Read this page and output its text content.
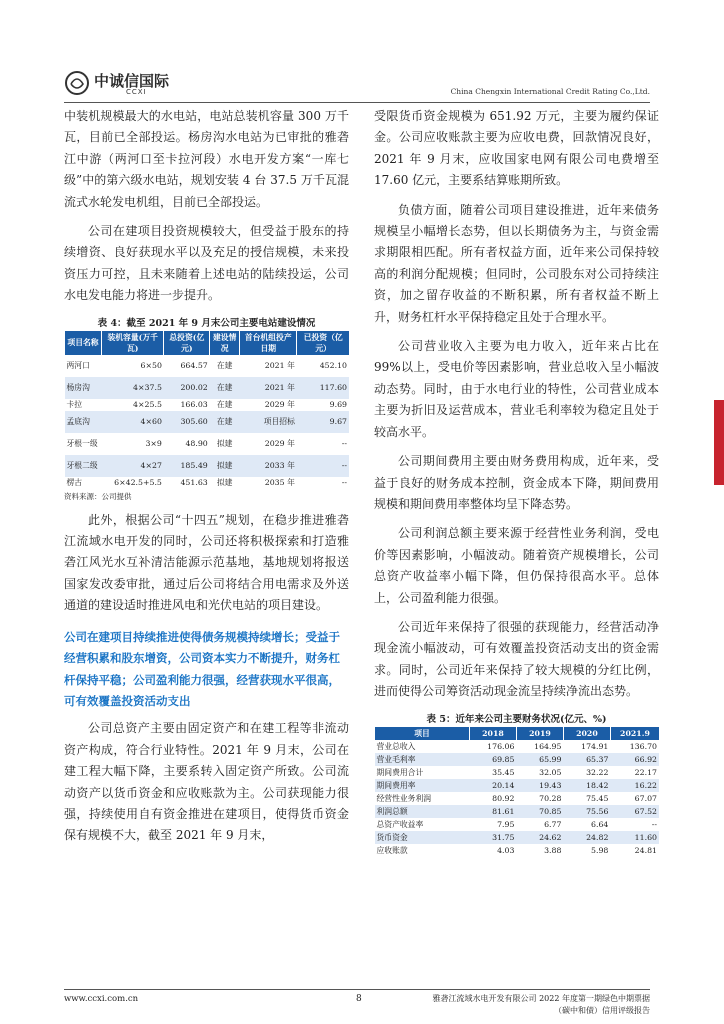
中诚信国际
CCXI	China Chengxin International Credit Rating Co.,Ltd.

中装机规模最大的水电站，电站总装机容量 300 万千瓦，目前已全部投运。杨房沟水电站为已审批的雅砻江中游（两河口至卡拉河段）水电开发方案“一库七级”中的第六级水电站，规划安装 4 台 37.5 万千瓦混流式水轮发电机组，目前已全部投运。

公司在建项目投资规模较大，但受益于股东的持续增资、良好获现水平以及充足的授信规模，未来投资压力可控，且未来随着上述电站的陆续投运，公司水电发电能力将进一步提升。

表 4：截至 2021 年 9 月末公司主要电站建设情况
项目名称	装机容量(万千瓦)	总投资(亿元)	建设情况	首台机组投产日期	已投资（亿元）
两河口	6×50	664.57	在建	2021 年	452.10
杨房沟	4×37.5	200.02	在建	2021 年	117.60
卡拉	4×25.5	166.03	在建	2029 年	9.69
孟底沟	4×60	305.60	在建	项目招标	9.67
牙根一级	3×9	48.90	拟建	2029 年	--
牙根二级	4×27	185.49	拟建	2033 年	--
楞古	6×42.5+5.5	451.63	拟建	2035 年	--
资料来源：公司提供

此外，根据公司“十四五”规划，在稳步推进雅砻江流域水电开发的同时，公司还将积极探索和打造雅砻江风光水互补清洁能源示范基地，基地规划将报送国家发改委审批，通过后公司将结合用电需求及外送通道的建设适时推进风电和光伏电站的项目建设。

公司在建项目持续推进使得债务规模持续增长；受益于经营积累和股东增资，公司资本实力不断提升，财务杠杆保持平稳；公司盈利能力很强，经营获现水平很高，可有效覆盖投资活动支出

公司总资产主要由固定资产和在建工程等非流动资产构成，符合行业特性。2021 年 9 月末，公司在建工程大幅下降，主要系转入固定资产所致。公司流动资产以货币资金和应收账款为主。公司获现能力很强，持续使用自有资金推进在建项目，使得货币资金保有规模不大，截至 2021 年 9 月末，

受限货币资金规模为 651.92 万元，主要为履约保证金。公司应收账款主要为应收电费，回款情况良好，2021 年 9 月末，应收国家电网有限公司电费增至 17.60 亿元，主要系结算账期所致。

负债方面，随着公司项目建设推进，近年来债务规模呈小幅增长态势，但以长期债务为主，与资金需求期限相匹配。所有者权益方面，近年来公司保持较高的利润分配规模；但同时，公司股东对公司持续注资，加之留存收益的不断积累，所有者权益不断上升，财务杠杆水平保持稳定且处于合理水平。

公司营业收入主要为电力收入，近年来占比在 99%以上，受电价等因素影响，营业总收入呈小幅波动态势。同时，由于水电行业的特性，公司营业成本主要为折旧及运营成本，营业毛利率较为稳定且处于较高水平。

公司期间费用主要由财务费用构成，近年来，受益于良好的财务成本控制，资金成本下降，期间费用规模和期间费用率整体均呈下降态势。

公司利润总额主要来源于经营性业务利润，受电价等因素影响，小幅波动。随着资产规模增长，公司总资产收益率小幅下降，但仍保持很高水平。总体上，公司盈利能力很强。

公司近年来保持了很强的获现能力，经营活动净现金流小幅波动，可有效覆盖投资活动支出的资金需求。同时，公司近年来保持了较大规模的分红比例，进而使得公司筹资活动现金流呈持续净流出态势。

表 5：近年来公司主要财务状况(亿元、%)
项目	2018	2019	2020	2021.9
营业总收入	176.06	164.95	174.91	136.70
营业毛利率	69.85	65.99	65.37	66.92
期间费用合计	35.45	32.05	32.22	22.17
期间费用率	20.14	19.43	18.42	16.22
经营性业务利润	80.92	70.28	75.45	67.07
利润总额	81.61	70.85	75.56	67.52
总资产收益率	7.95	6.77	6.64	--
货币资金	31.75	24.62	24.82	11.60
应收账款	4.03	3.88	5.98	24.81
www.ccxi.com.cn	8	雅砻江流域水电开发有限公司 2022 年度第一期绿色中期票据
（碳中和债）信用评级报告
